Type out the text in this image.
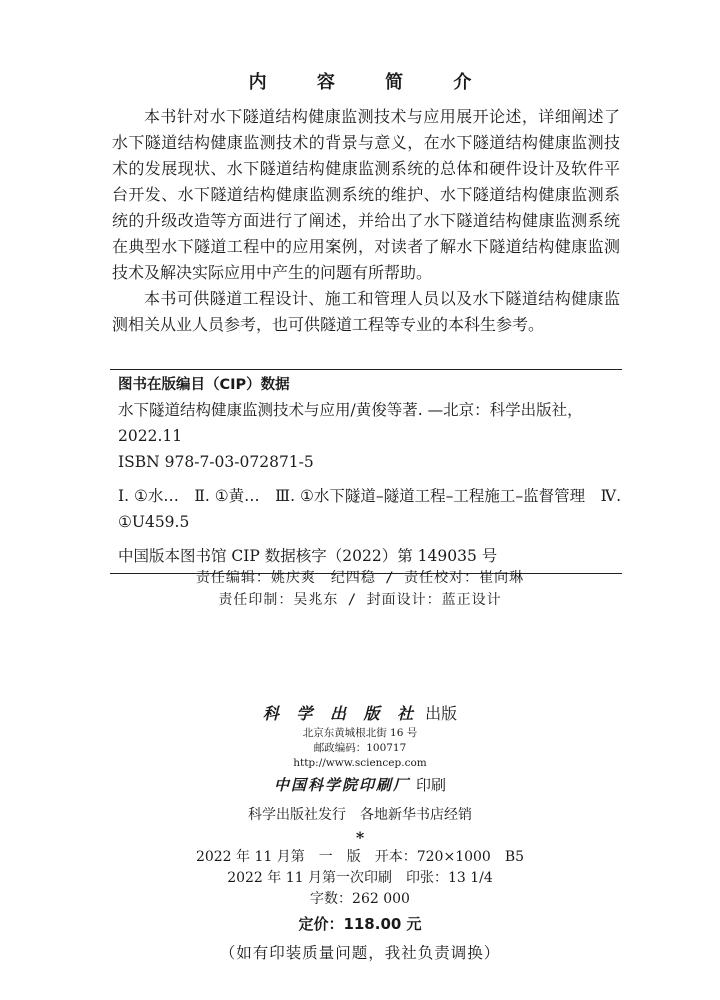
内 容 简 介

本书针对水下隧道结构健康监测技术与应用展开论述，详细阐述了水下隧道结构健康监测技术的背景与意义，在水下隧道结构健康监测技术的发展现状、水下隧道结构健康监测系统的总体和硬件设计及软件平台开发、水下隧道结构健康监测系统的维护、水下隧道结构健康监测系统的升级改造等方面进行了阐述，并给出了水下隧道结构健康监测系统在典型水下隧道工程中的应用案例，对读者了解水下隧道结构健康监测技术及解决实际应用中产生的问题有所帮助。

本书可供隧道工程设计、施工和管理人员以及水下隧道结构健康监测相关从业人员参考，也可供隧道工程等专业的本科生参考。

图书在版编目（CIP）数据
水下隧道结构健康监测技术与应用/黄俊等著. —北京：科学出版社，2022.11
ISBN 978-7-03-072871-5
Ⅰ. ①水…　Ⅱ. ①黄…　Ⅲ. ①水下隧道–隧道工程–工程施工–监督管理　Ⅳ. ①U459.5
中国版本图书馆 CIP 数据核字（2022）第 149035 号
责任编辑：姚庆爽　纪四稳 / 责任校对：崔向琳
责任印制：吴兆东 / 封面设计：蓝正设计
科 学 出 版 社 出版
北京东黄城根北街 16 号
邮政编码：100717
http://www.sciencep.com
中国科学院印刷厂 印刷
科学出版社发行　各地新华书店经销
*
2022 年 11 月第　一　版　开本：720×1000　B5
2022 年 11 月第一次印刷　印张：13 1/4
字数：262 000
定价：118.00 元
（如有印装质量问题，我社负责调换）
